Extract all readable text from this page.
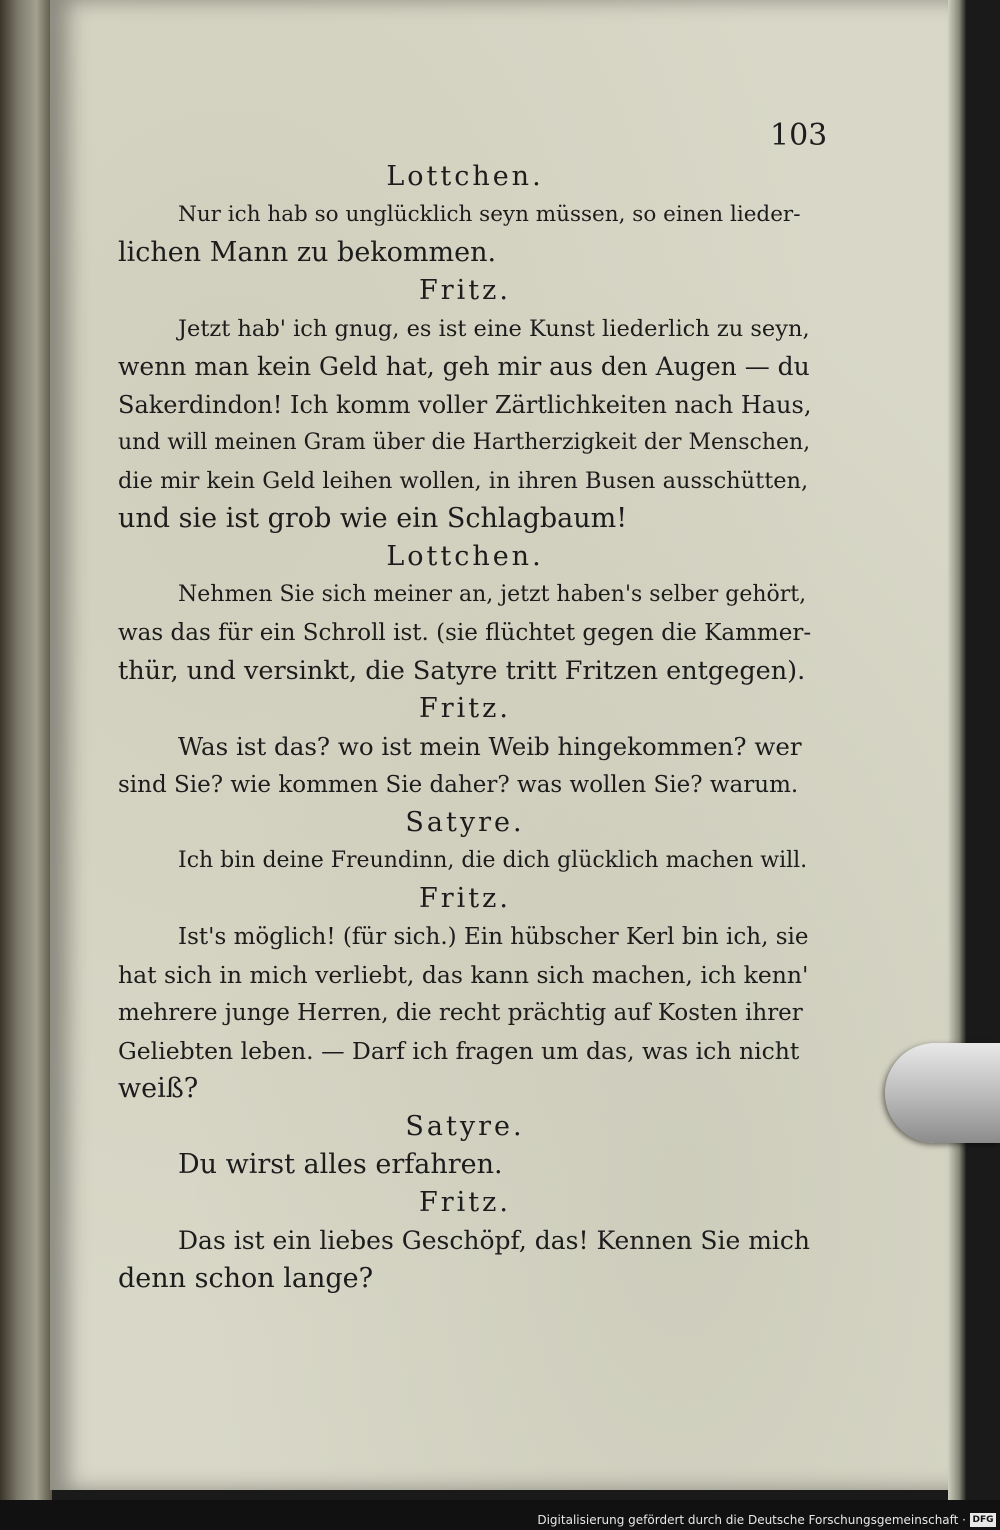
103

Lottchen.

Nur ich hab so unglücklich seyn müssen, so einen lieder-
lichen Mann zu bekommen.

Fritz.

Jetzt hab' ich gnug, es ist eine Kunst liederlich zu seyn,
wenn man kein Geld hat, geh mir aus den Augen — du
Sakerdindon! Ich komm voller Zärtlichkeiten nach Haus,
und will meinen Gram über die Hartherzigkeit der Menschen,
die mir kein Geld leihen wollen, in ihren Busen ausschütten,
und sie ist grob wie ein Schlagbaum!

Lottchen.

Nehmen Sie sich meiner an, jetzt haben's selber gehört,
was das für ein Schroll ist. (sie flüchtet gegen die Kammer-
thür, und versinkt, die Satyre tritt Fritzen entgegen).

Fritz.

Was ist das? wo ist mein Weib hingekommen? wer
sind Sie? wie kommen Sie daher? was wollen Sie? warum.

Satyre.

Ich bin deine Freundinn, die dich glücklich machen will.

Fritz.

Ist's möglich! (für sich.) Ein hübscher Kerl bin ich, sie
hat sich in mich verliebt, das kann sich machen, ich kenn'
mehrere junge Herren, die recht prächtig auf Kosten ihrer
Geliebten leben. — Darf ich fragen um das, was ich nicht
weiß?

Satyre.

Du wirst alles erfahren.

Fritz.

Das ist ein liebes Geschöpf, das! Kennen Sie mich
denn schon lange?

Digitalisierung gefördert durch die Deutsche Forschungsgemeinschaft · DFG
